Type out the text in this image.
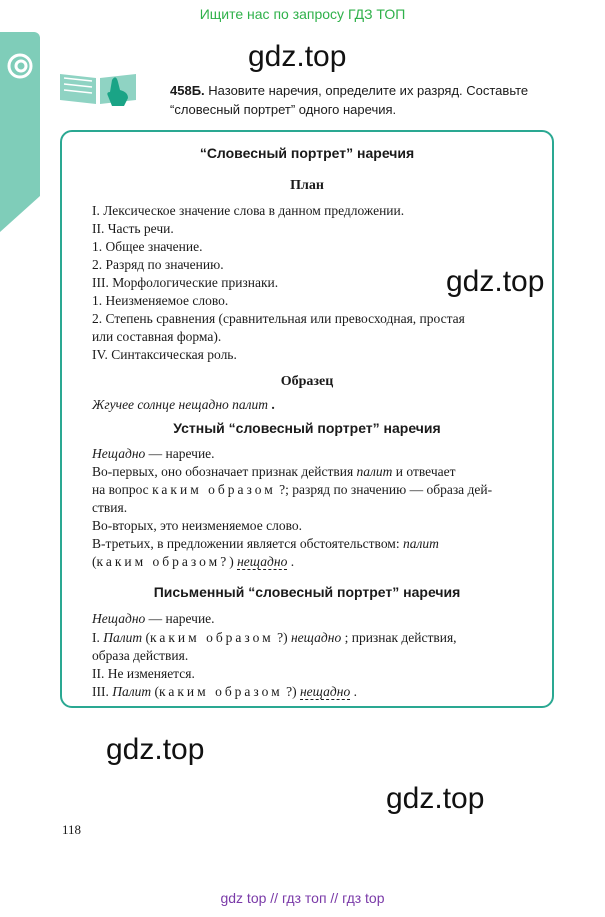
Ищите нас по запросу ГДЗ ТОП
458Б. Назовите наречия, определите их разряд. Составьте
“словесный портрет” одного наречия.
gdz.top
“Словесный портрет” наречия
План
I. Лексическое значение слова в данном предложении.
II. Часть речи.
1. Общее значение.
2. Разряд по значению.
III. Морфологические признаки.
1. Неизменяемое слово.
2. Степень сравнения (сравнительная или превосходная, простая
или составная форма).
IV. Синтаксическая роль.
gdz.top
Образец
Жгучее солнце нещадно палит .
Устный “словесный портрет” наречия
Нещадно — наречие.
Во-первых, оно обозначает признак действия палит и отвечает
на вопрос каким образом ?; разряд по значению — образа дей-
ствия.
Во-вторых, это неизменяемое слово.
В-третьих, в предложении является обстоятельством: палит
(каким образом?) нещадно .
Письменный “словесный портрет” наречия
Нещадно — наречие.
I. Палит (каким образом ?) нещадно ; признак действия,
образа действия.
II. Не изменяется.
III. Палит (каким образом ?) нещадно .
gdz.top
gdz.top
118
gdz top // гдз топ // гдз top
